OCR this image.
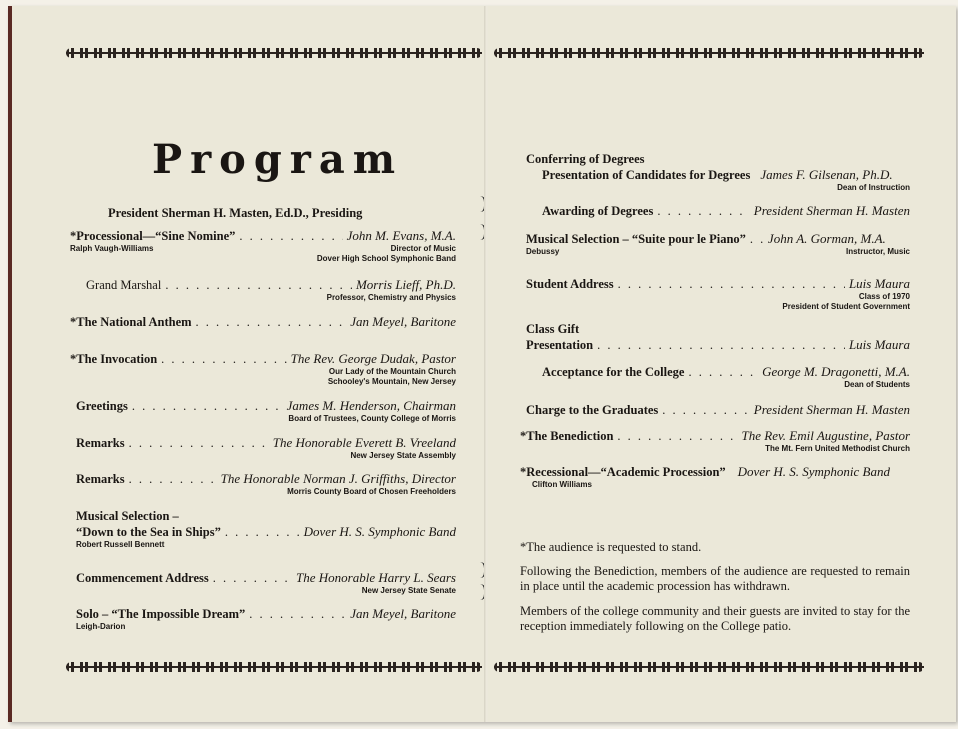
Program
President Sherman H. Masten, Ed.D., Presiding
*Processional—“Sine Nomine” . . .	John M. Evans, M.A.
Ralph Vaugh-Williams	Director of Music
Dover High School Symphonic Band
Grand Marshal . . .	Morris Lieff, Ph.D.
Professor, Chemistry and Physics
*The National Anthem . . .	Jan Meyel, Baritone
*The Invocation . . .	The Rev. George Dudak, Pastor
Our Lady of the Mountain Church
Schooley's Mountain, New Jersey
Greetings . . .	James M. Henderson, Chairman
Board of Trustees, County College of Morris
Remarks . . .	The Honorable Everett B. Vreeland
New Jersey State Assembly
Remarks . . .	The Honorable Norman J. Griffiths, Director
Morris County Board of Chosen Freeholders
Musical Selection –
“Down to the Sea in Ships” . . .	Dover H. S. Symphonic Band
Robert Russell Bennett
Commencement Address . . .	The Honorable Harry L. Sears
New Jersey State Senate
Solo – “The Impossible Dream” . . .	Jan Meyel, Baritone
Leigh-Darion
Conferring of Degrees
Presentation of Candidates for Degrees James F. Gilsenan, Ph.D.
Dean of Instruction
Awarding of Degrees . . .	President Sherman H. Masten
Musical Selection – “Suite pour le Piano” . . . John A. Gorman, M.A.
Debussy	Instructor, Music
Student Address . . .	Luis Maura
Class of 1970
President of Student Government
Class Gift
Presentation . . .	Luis Maura
Acceptance for the College . . .	George M. Dragonetti, M.A.
Dean of Students
Charge to the Graduates . . .	President Sherman H. Masten
*The Benediction . . .	The Rev. Emil Augustine, Pastor
The Mt. Fern United Methodist Church
*Recessional—“Academic Procession” Dover H. S. Symphonic Band
Clifton Williams
*The audience is requested to stand.
Following the Benediction, members of the audience are requested to remain in place until the academic procession has withdrawn.
Members of the college community and their guests are invited to stay for the reception immediately following on the College patio.
